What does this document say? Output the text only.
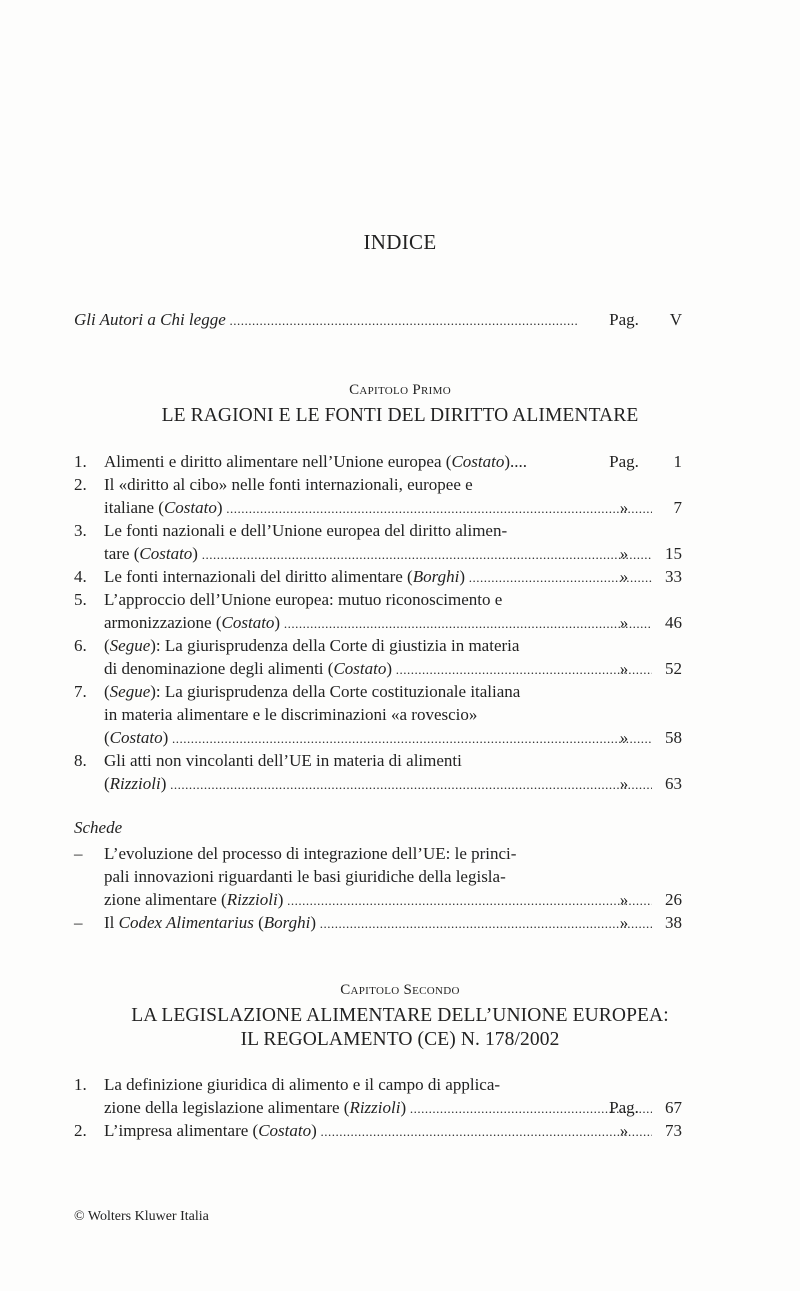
INDICE
Gli Autori a Chi legge .....	Pag.	V
Capitolo Primo
LE RAGIONI E LE FONTI DEL DIRITTO ALIMENTARE
1.	Alimenti e diritto alimentare nell’Unione europea (Costato)....	Pag.	1
2.	Il «diritto al cibo» nelle fonti internazionali, europee e
italiane (Costato) .....	»	7
3.	Le fonti nazionali e dell’Unione europea del diritto alimen-
tare (Costato) .....	»	15
4.	Le fonti internazionali del diritto alimentare (Borghi) .....	»	33
5.	L’approccio dell’Unione europea: mutuo riconoscimento e
armonizzazione (Costato) .....	»	46
6.	(Segue): La giurisprudenza della Corte di giustizia in materia
di denominazione degli alimenti (Costato) .....	»	52
7.	(Segue): La giurisprudenza della Corte costituzionale italiana
in materia alimentare e le discriminazioni «a rovescio»
(Costato) .....	»	58
8.	Gli atti non vincolanti dell’UE in materia di alimenti
(Rizzioli) .....	»	63
Schede
–	L’evoluzione del processo di integrazione dell’UE: le princi-
pali innovazioni riguardanti le basi giuridiche della legisla-
zione alimentare (Rizzioli) .....	»	26
–	Il Codex Alimentarius (Borghi) .....	»	38
Capitolo Secondo
LA LEGISLAZIONE ALIMENTARE DELL’UNIONE EUROPEA:
IL REGOLAMENTO (CE) N. 178/2002
1.	La definizione giuridica di alimento e il campo di applica-
zione della legislazione alimentare (Rizzioli) .....	Pag.	67
2.	L’impresa alimentare (Costato) .....	»	73
© Wolters Kluwer Italia
